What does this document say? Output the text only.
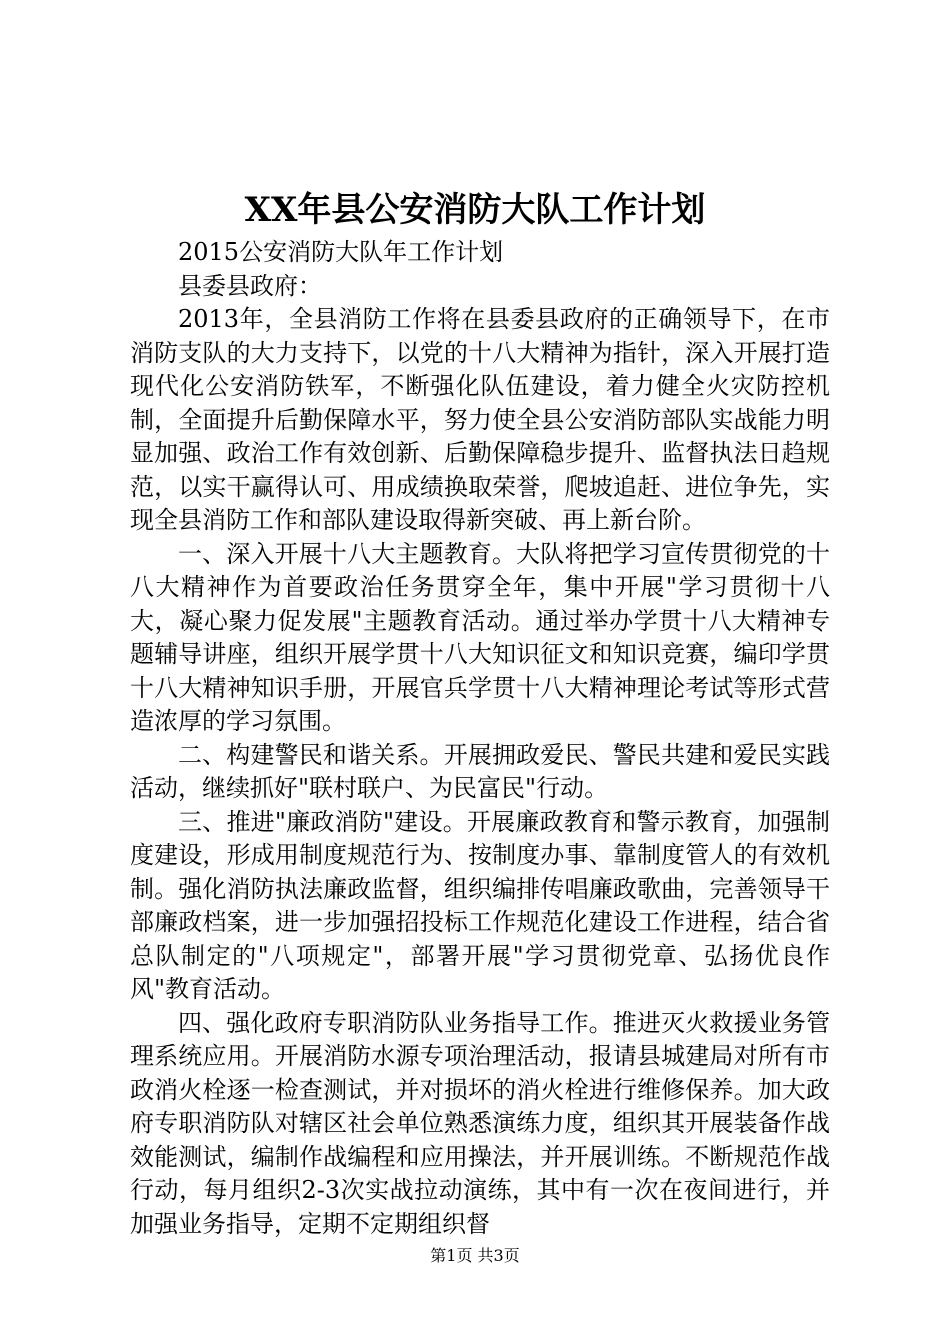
XX年县公安消防大队工作计划

2015公安消防大队年工作计划

县委县政府：

2013年，全县消防工作将在县委县政府的正确领导下，在市消防支队的大力支持下，以党的十八大精神为指针，深入开展打造现代化公安消防铁军，不断强化队伍建设，着力健全火灾防控机制，全面提升后勤保障水平，努力使全县公安消防部队实战能力明显加强、政治工作有效创新、后勤保障稳步提升、监督执法日趋规范，以实干赢得认可、用成绩换取荣誉，爬坡追赶、进位争先，实现全县消防工作和部队建设取得新突破、再上新台阶。

一、深入开展十八大主题教育。大队将把学习宣传贯彻党的十八大精神作为首要政治任务贯穿全年，集中开展"学习贯彻十八大，凝心聚力促发展"主题教育活动。通过举办学贯十八大精神专题辅导讲座，组织开展学贯十八大知识征文和知识竞赛，编印学贯十八大精神知识手册，开展官兵学贯十八大精神理论考试等形式营造浓厚的学习氛围。

二、构建警民和谐关系。开展拥政爱民、警民共建和爱民实践活动，继续抓好"联村联户、为民富民"行动。

三、推进"廉政消防"建设。开展廉政教育和警示教育，加强制度建设，形成用制度规范行为、按制度办事、靠制度管人的有效机制。强化消防执法廉政监督，组织编排传唱廉政歌曲，完善领导干部廉政档案，进一步加强招投标工作规范化建设工作进程，结合省总队制定的"八项规定"，部署开展"学习贯彻党章、弘扬优良作风"教育活动。

四、强化政府专职消防队业务指导工作。推进灭火救援业务管理系统应用。开展消防水源专项治理活动，报请县城建局对所有市政消火栓逐一检查测试，并对损坏的消火栓进行维修保养。加大政府专职消防队对辖区社会单位熟悉演练力度，组织其开展装备作战效能测试，编制作战编程和应用操法，并开展训练。不断规范作战行动，每月组织2-3次实战拉动演练，其中有一次在夜间进行，并加强业务指导，定期不定期组织督

第1页 共3页
